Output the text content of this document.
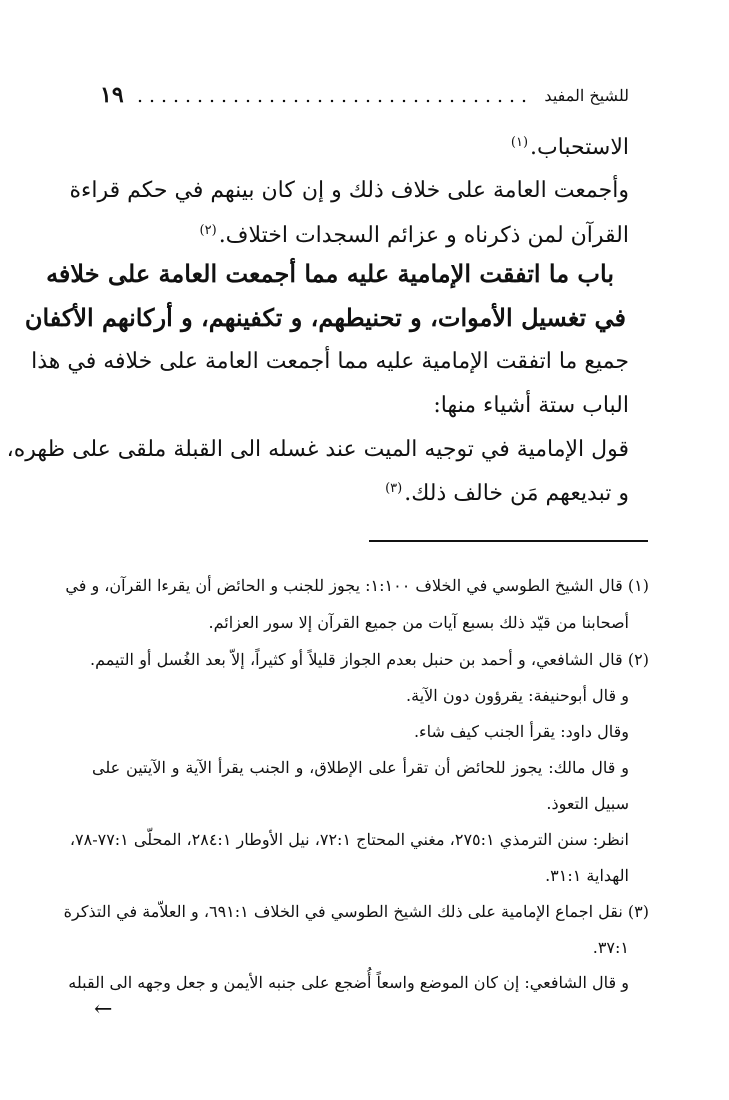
للشيخ المفيد
١٩
الاستحباب.$^{(١)}$
وأجمعت العامة على خلاف ذلك و إن كان بينهم في حكم قراءة
القرآن لمن ذكرناه و عزائم السجدات اختلاف.$^{(٢)}$
باب ما اتفقت الإمامية عليه مما أجمعت العامة على خلافه
في تغسيل الأموات، و تحنيطهم، و تكفينهم، و أركانهم الأكفان
جميع ما اتفقت الإمامية عليه مما أجمعت العامة على خلافه في هذا
الباب ستة أشياء منها:
قول الإمامية في توجيه الميت عند غسله الى القبلة ملقى على ظهره،
و تبديعهم مَن خالف ذلك.$^{(٣)}$
(١) قال الشيخ الطوسي في الخلاف ١:١٠٠: يجوز للجنب و الحائض أن يقرءا القرآن، و في
أصحابنا من قيّد ذلك بسبع آيات من جميع القرآن إلا سور العزائم.
(٢) قال الشافعي، و أحمد بن حنبل بعدم الجواز قليلاً أو كثيراً، إلاّ بعد الغُسل أو التيمم.
و قال أبوحنيفة: يقرؤون دون الآية.
وقال داود: يقرأ الجنب كيف شاء.
و قال مالك: يجوز للحائض أن تقرأ على الإطلاق، و الجنب يقرأ الآية و الآيتين على
سبيل التعوذ.
انظر: سنن الترمذي ٢٧٥:١، مغني المحتاج ٧٢:١، نيل الأوطار ٢٨٤:١، المحلّى ٧٧:١-٧٨،
الهداية ٣١:١.
(٣) نقل اجماع الإمامية على ذلك الشيخ الطوسي في الخلاف ٦٩١:١، و العلاّمة في التذكرة
٣٧:١.
و قال الشافعي: إن كان الموضع واسعاً أُضجع على جنبه الأيمن و جعل وجهه الى القبله
←
